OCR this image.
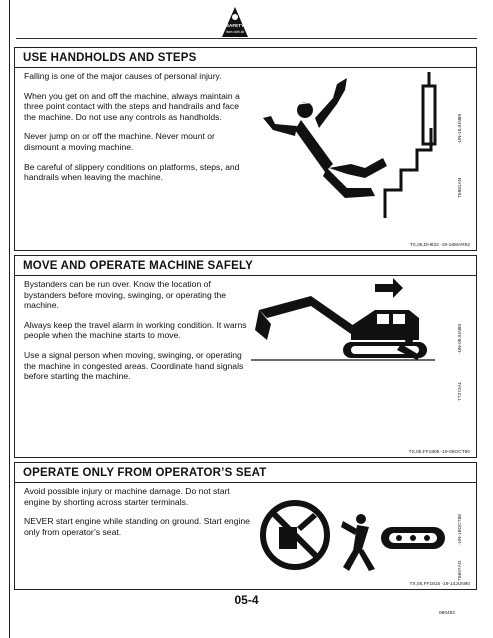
SAFETY
lives with all
USE HANDHOLDS AND STEPS

Falling is one of the major causes of personal injury.

When you get on and off the machine, always maintain a three point contact with the steps and handrails and face the machine. Do not use any controls as handholds.

Never jump on or off the machine. Never mount or dismount a moving machine.

Be careful of slippery conditions on platforms, steps, and handrails when leaving the machine.

-UN-15JUN89
T6981AN
TX,05,DH832 -19-16MAR92
MOVE AND OPERATE MACHINE SAFELY

Bystanders can be run over. Know the location of bystanders before moving, swinging, or operating the machine.

Always keep the travel alarm in working condition. It warns people when the machine starts to move.

Use a signal person when moving, swinging, or operating the machine in congested areas. Coordinate hand signals before starting the machine.

-UN-09JUN90
T7273AL
TX,05,FF1805 -19-05OCT90
OPERATE ONLY FROM OPERATOR’S SEAT

Avoid possible injury or machine damage. Do not start engine by shorting across starter terminals.

NEVER start engine while standing on ground. Start engine only from operator’s seat.	-UN-18OCT88
T6607AO
TX,05,FF1815 -19-14JUN90
05-4
080492
